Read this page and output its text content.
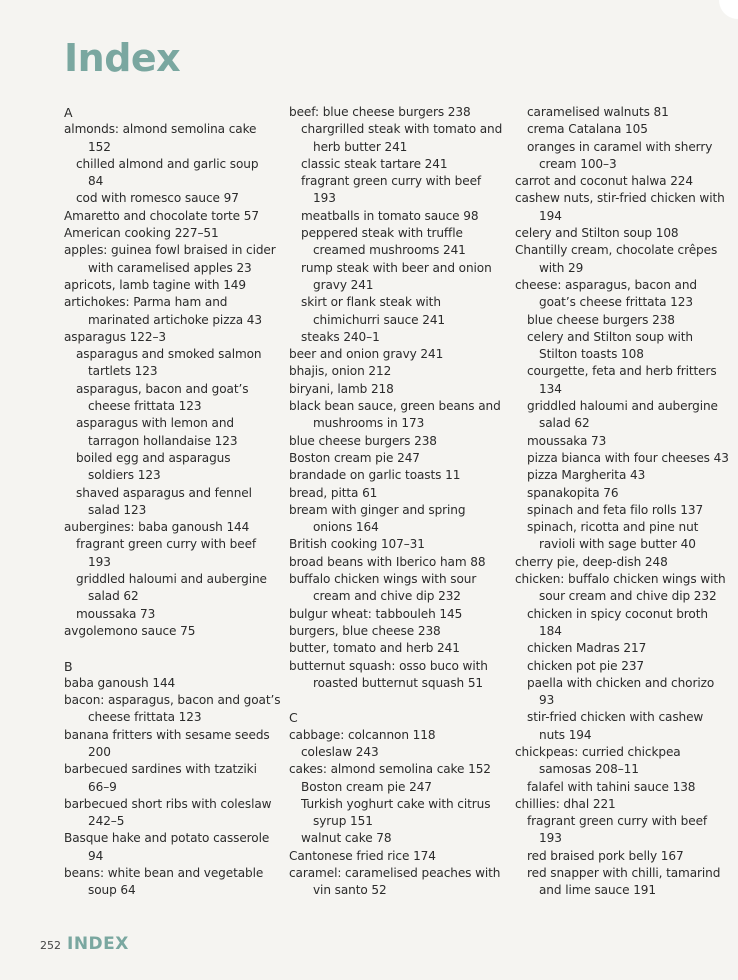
Index
A
almonds: almond semolina cake
152
chilled almond and garlic soup
84
cod with romesco sauce 97
Amaretto and chocolate torte 57
American cooking 227–51
apples: guinea fowl braised in cider
with caramelised apples 23
apricots, lamb tagine with 149
artichokes: Parma ham and
marinated artichoke pizza 43
asparagus 122–3
asparagus and smoked salmon
tartlets 123
asparagus, bacon and goat’s
cheese frittata 123
asparagus with lemon and
tarragon hollandaise 123
boiled egg and asparagus
soldiers 123
shaved asparagus and fennel
salad 123
aubergines: baba ganoush 144
fragrant green curry with beef
193
griddled haloumi and aubergine
salad 62
moussaka 73
avgolemono sauce 75
B
baba ganoush 144
bacon: asparagus, bacon and goat’s
cheese frittata 123
banana fritters with sesame seeds
200
barbecued sardines with tzatziki
66–9
barbecued short ribs with coleslaw
242–5
Basque hake and potato casserole
94
beans: white bean and vegetable
soup 64
beef: blue cheese burgers 238
chargrilled steak with tomato and
herb butter 241
classic steak tartare 241
fragrant green curry with beef
193
meatballs in tomato sauce 98
peppered steak with truffle
creamed mushrooms 241
rump steak with beer and onion
gravy 241
skirt or flank steak with
chimichurri sauce 241
steaks 240–1
beer and onion gravy 241
bhajis, onion 212
biryani, lamb 218
black bean sauce, green beans and
mushrooms in 173
blue cheese burgers 238
Boston cream pie 247
brandade on garlic toasts 11
bread, pitta 61
bream with ginger and spring
onions 164
British cooking 107–31
broad beans with Iberico ham 88
buffalo chicken wings with sour
cream and chive dip 232
bulgur wheat: tabbouleh 145
burgers, blue cheese 238
butter, tomato and herb 241
butternut squash: osso buco with
roasted butternut squash 51
C
cabbage: colcannon 118
coleslaw 243
cakes: almond semolina cake 152
Boston cream pie 247
Turkish yoghurt cake with citrus
syrup 151
walnut cake 78
Cantonese fried rice 174
caramel: caramelised peaches with
vin santo 52
caramelised walnuts 81
crema Catalana 105
oranges in caramel with sherry
cream 100–3
carrot and coconut halwa 224
cashew nuts, stir-fried chicken with
194
celery and Stilton soup 108
Chantilly cream, chocolate crêpes
with 29
cheese: asparagus, bacon and
goat’s cheese frittata 123
blue cheese burgers 238
celery and Stilton soup with
Stilton toasts 108
courgette, feta and herb fritters
134
griddled haloumi and aubergine
salad 62
moussaka 73
pizza bianca with four cheeses 43
pizza Margherita 43
spanakopita 76
spinach and feta filo rolls 137
spinach, ricotta and pine nut
ravioli with sage butter 40
cherry pie, deep-dish 248
chicken: buffalo chicken wings with
sour cream and chive dip 232
chicken in spicy coconut broth
184
chicken Madras 217
chicken pot pie 237
paella with chicken and chorizo
93
stir-fried chicken with cashew
nuts 194
chickpeas: curried chickpea
samosas 208–11
falafel with tahini sauce 138
chillies: dhal 221
fragrant green curry with beef
193
red braised pork belly 167
red snapper with chilli, tamarind
and lime sauce 191
252 INDEX
